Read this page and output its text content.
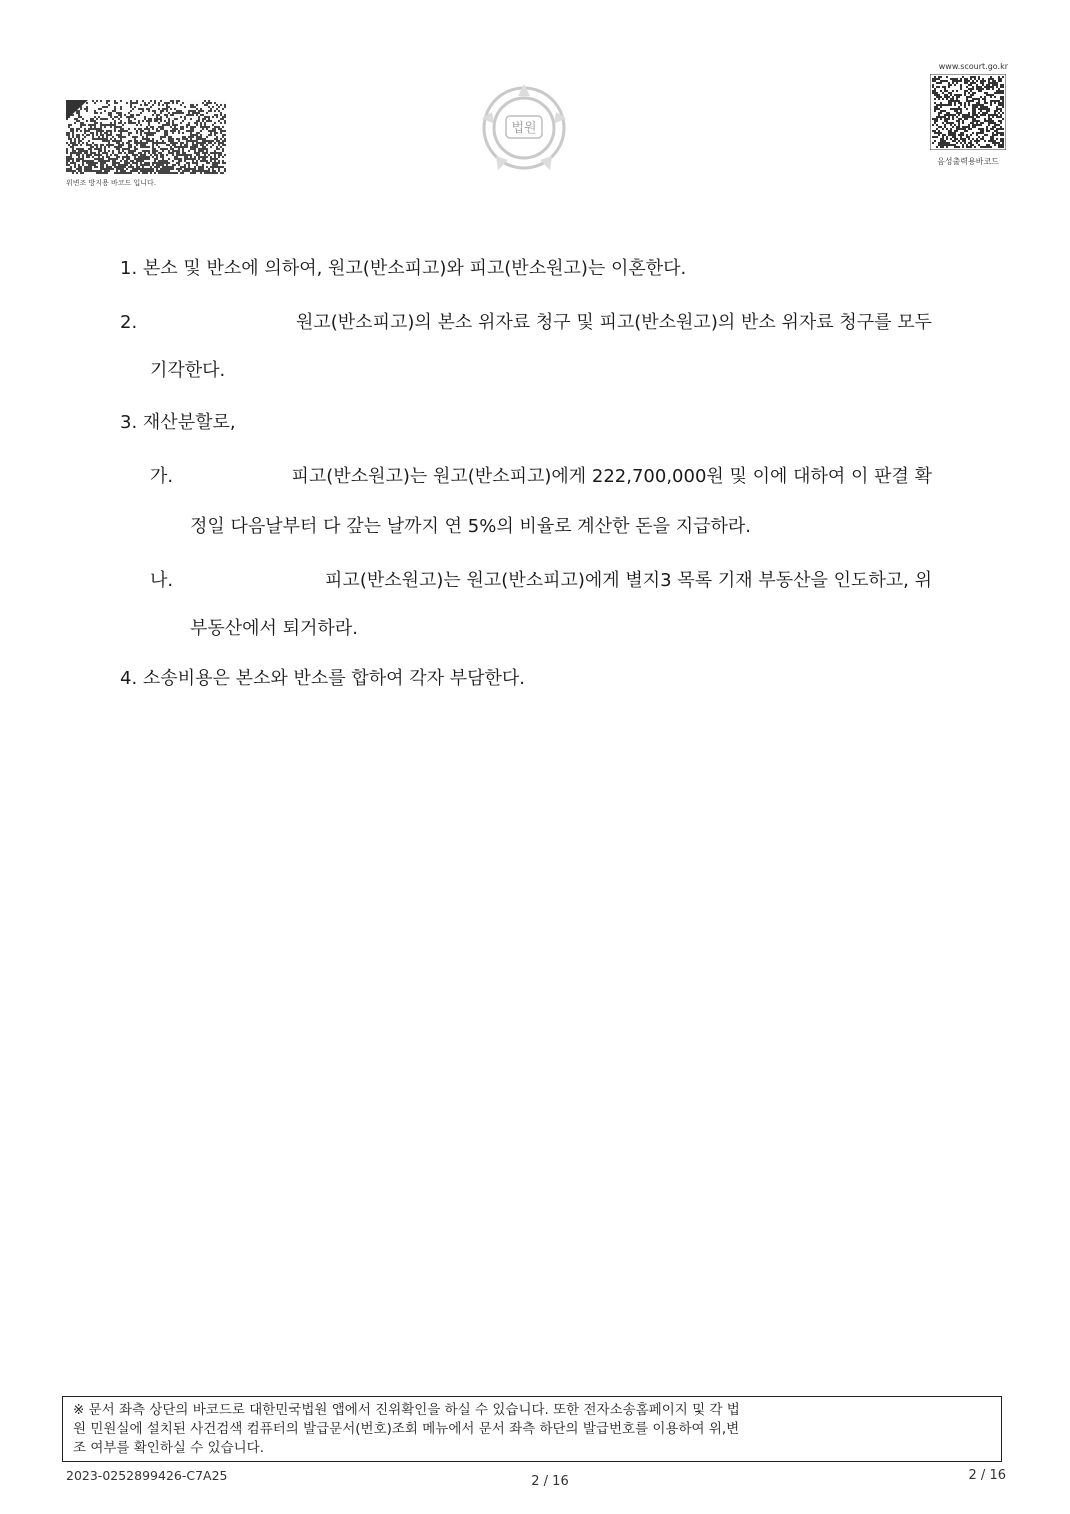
위변조 방지용 바코드 입니다.
법원
www.scourt.go.kr
음성출력용바코드
1. 본소 및 반소에 의하여, 원고(반소피고)와 피고(반소원고)는 이혼한다.
2.	원고(반소피고)의 본소 위자료 청구 및 피고(반소원고)의 반소 위자료 청구를 모두
기각한다.
3. 재산분할로,
가.	피고(반소원고)는 원고(반소피고)에게 222,700,000원 및 이에 대하여 이 판결 확
정일 다음날부터 다 갚는 날까지 연 5%의 비율로 계산한 돈을 지급하라.
나.	피고(반소원고)는 원고(반소피고)에게 별지3 목록 기재 부동산을 인도하고, 위
부동산에서 퇴거하라.
4. 소송비용은 본소와 반소를 합하여 각자 부담한다.
※ 문서 좌측 상단의 바코드로 대한민국법원 앱에서 진위확인을 하실 수 있습니다. 또한 전자소송홈페이지 및 각 법
원 민원실에 설치된 사건검색 컴퓨터의 발급문서(번호)조회 메뉴에서 문서 좌측 하단의 발급번호를 이용하여 위,변
조 여부를 확인하실 수 있습니다.
2023-0252899426-C7A25	2 / 16	2 / 16
